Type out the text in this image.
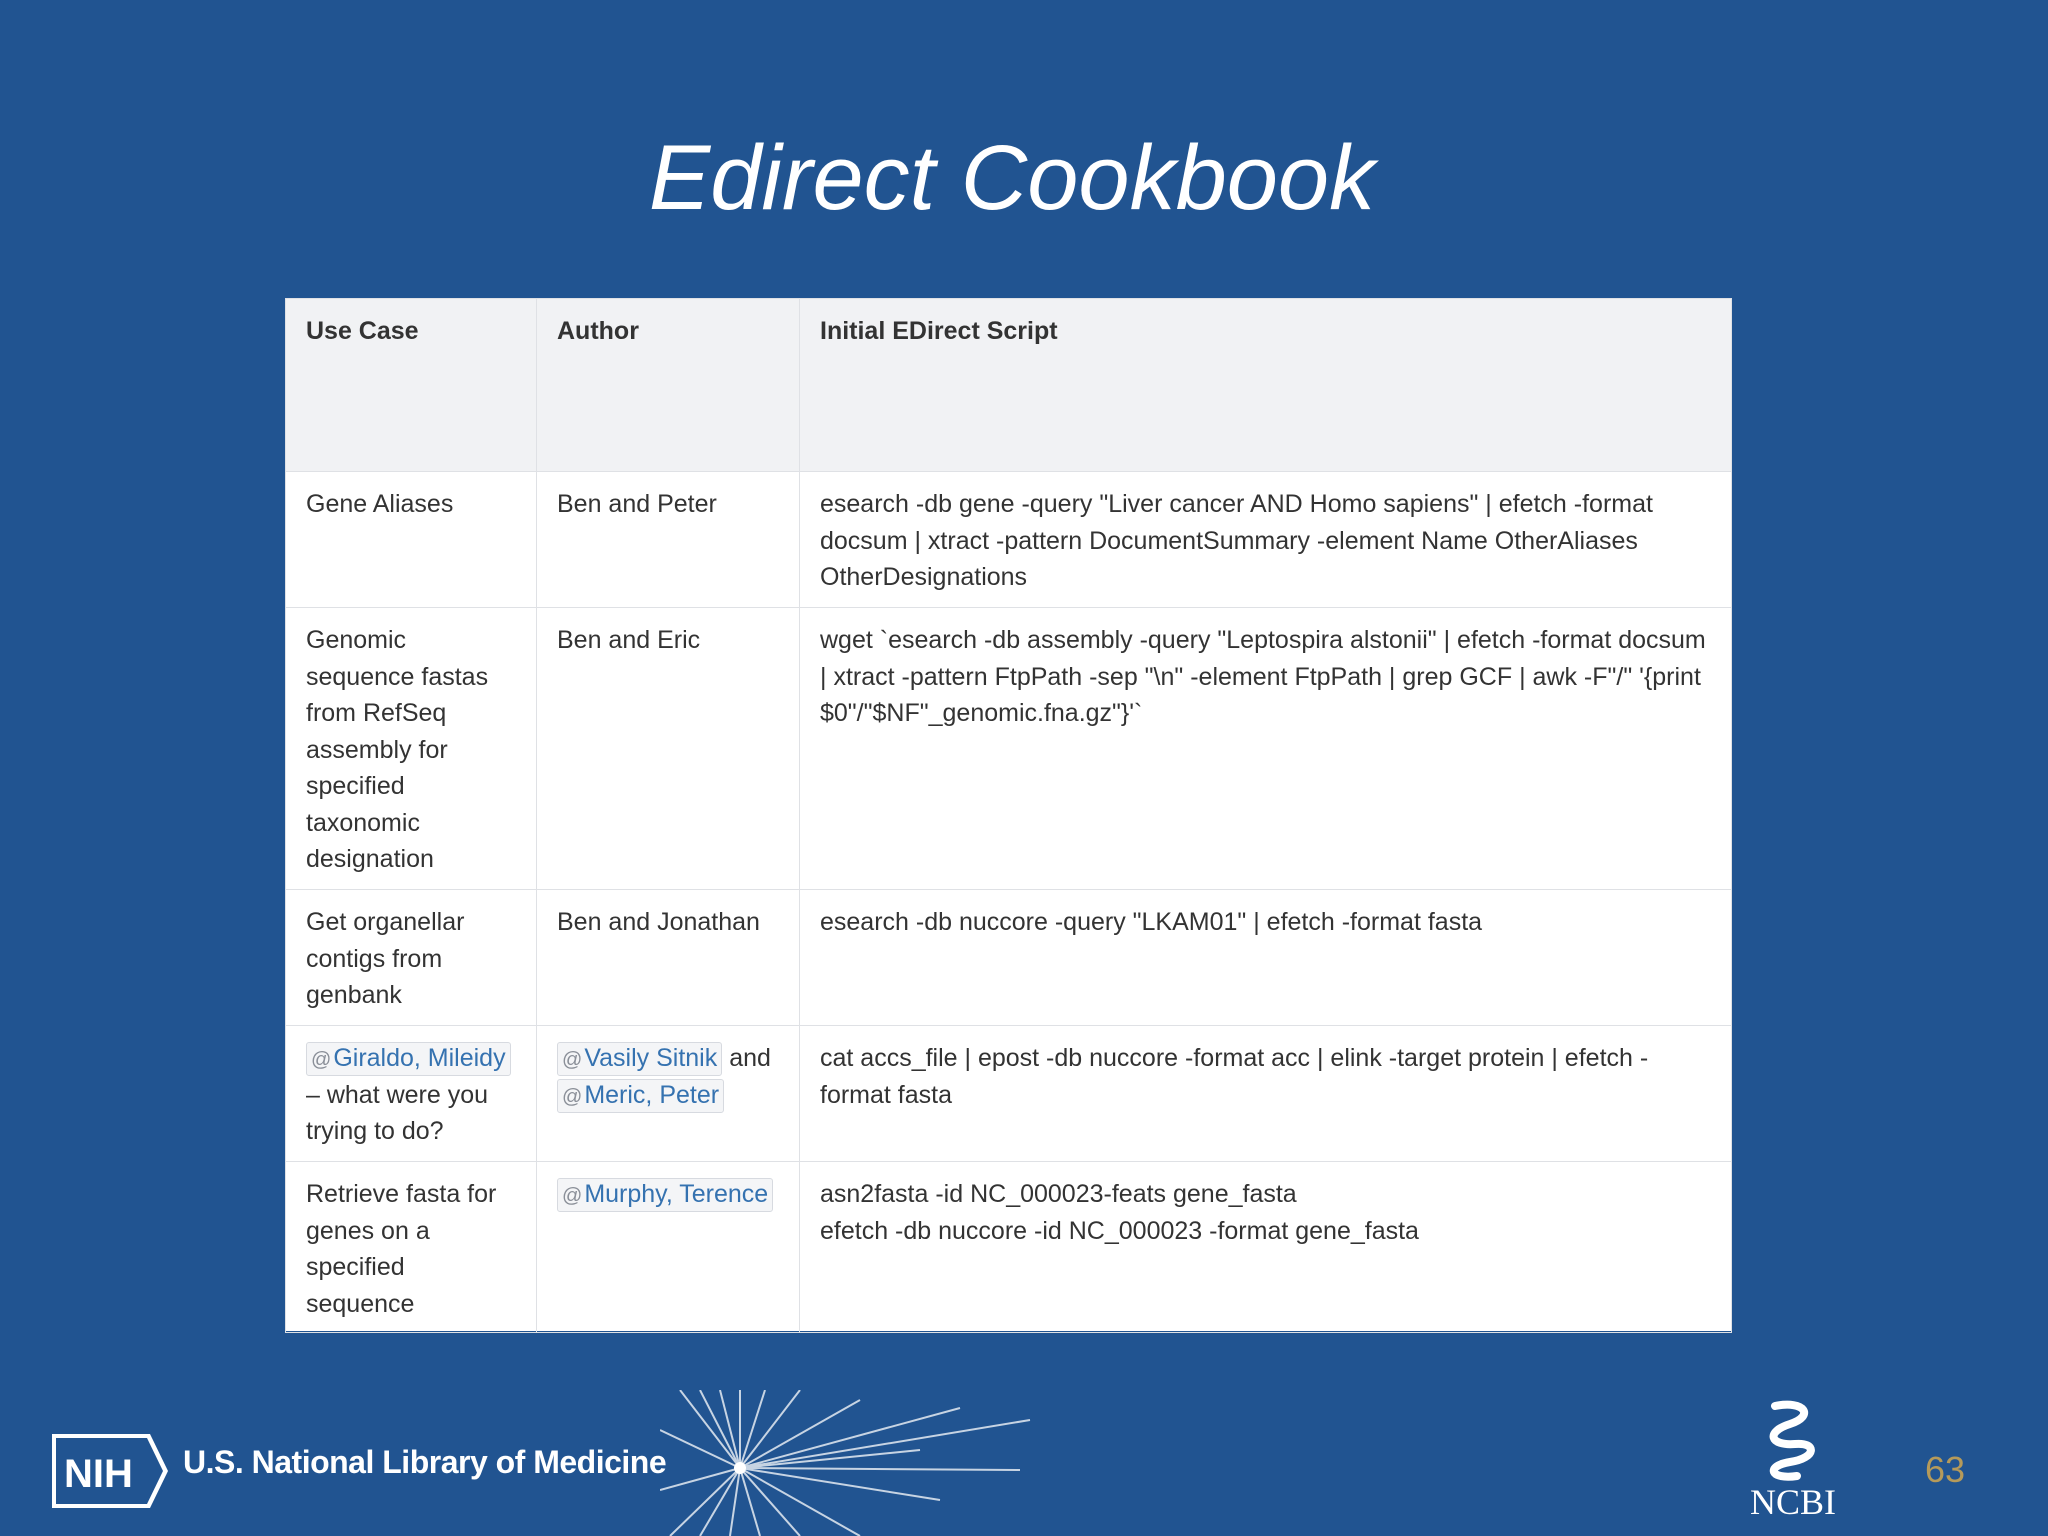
Edirect Cookbook
Use Case	Author	Initial EDirect Script
Gene Aliases	Ben and Peter	esearch -db gene -query "Liver cancer AND Homo sapiens" | efetch -format docsum | xtract -pattern DocumentSummary -element Name OtherAliases OtherDesignations
Genomic sequence fastas from RefSeq assembly for specified taxonomic designation	Ben and Eric	wget `esearch -db assembly -query "Leptospira alstonii" | efetch -format docsum | xtract -pattern FtpPath -sep "\n" -element FtpPath | grep GCF | awk -F"/" '{print $0"/"$NF"_genomic.fna.gz"}'`
Get organellar contigs from genbank	Ben and Jonathan	esearch -db nuccore -query "LKAM01" | efetch -format fasta
@Giraldo, Mileidy – what were you trying to do?	@Vasily Sitnik and @Meric, Peter	cat accs_file | epost -db nuccore -format acc | elink -target protein | efetch -format fasta
Retrieve fasta for genes on a specified sequence	@Murphy, Terence	asn2fasta -id NC_000023-feats gene_fasta
efetch -db nuccore -id NC_000023 -format gene_fasta
NIH U.S. National Library of Medicine
NCBI
63
